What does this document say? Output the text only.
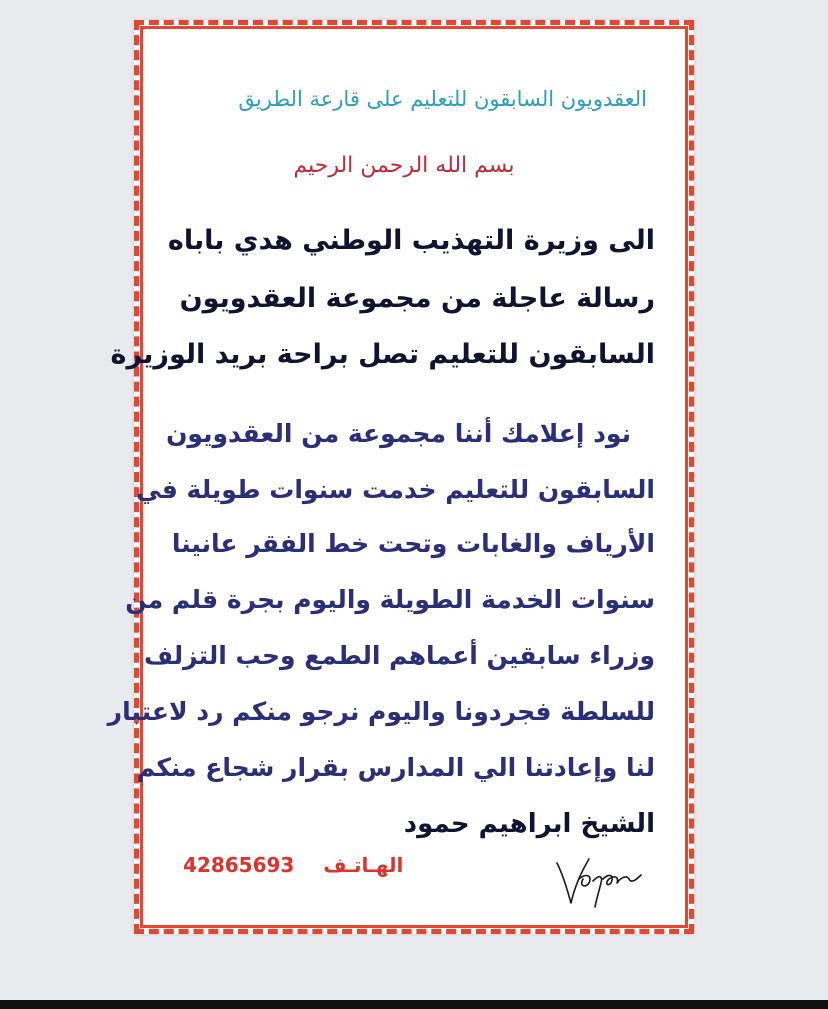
العقدويون السابقون للتعليم على قارعة الطريق
بسم الله الرحمن الرحيم
الى وزيرة التهذيب الوطني هدي باباه
رسالة عاجلة من مجموعة العقدويون
السابقون للتعليم تصل براحة بريد الوزيرة
نود إعلامك أننا مجموعة من العقدويون
السابقون للتعليم خدمت سنوات طويلة في
الأرياف والغابات وتحت خط الفقر عانينا
سنوات الخدمة الطويلة واليوم بجرة قلم من
وزراء سابقين أعماهم الطمع وحب التزلف
للسلطة فجردونا واليوم نرجو منكم رد لاعتبار
لنا وإعادتنا الي المدارس بقرار شجاع منكم
الشيخ ابراهيم حمود
الهـاتـف 42865693
